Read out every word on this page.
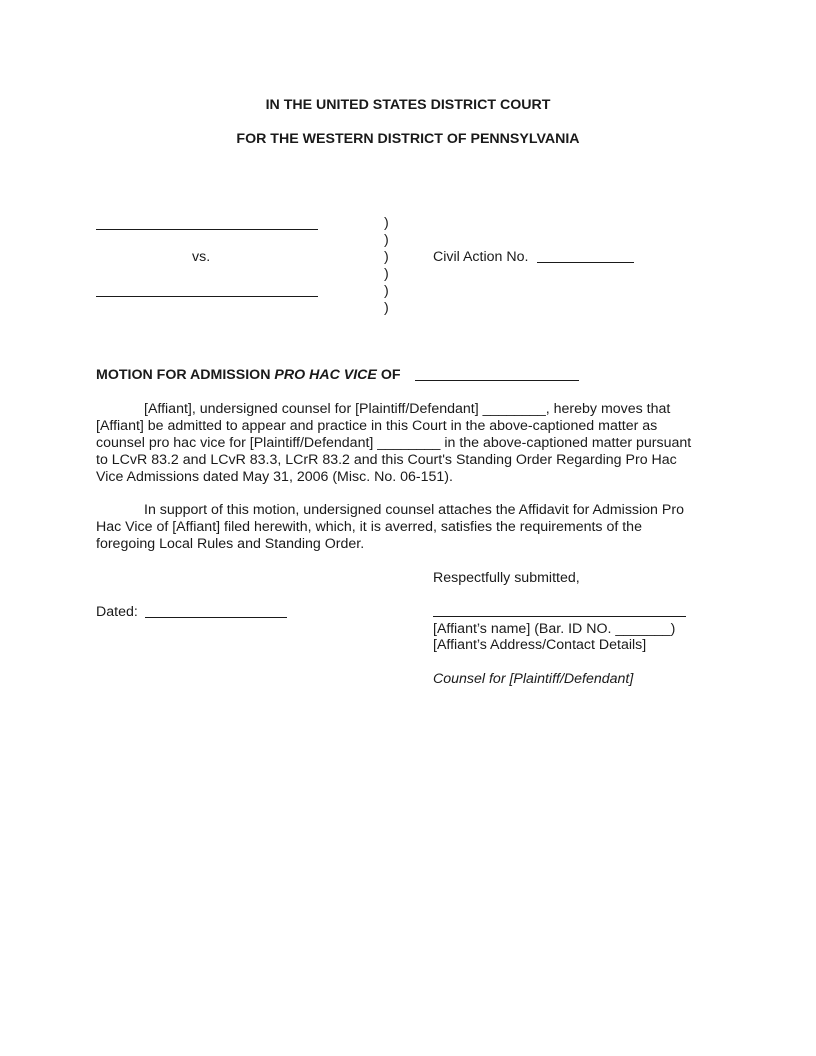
IN THE UNITED STATES DISTRICT COURT
FOR THE WESTERN DISTRICT OF PENNSYLVANIA
vs.
)
)
)
)
)
)
Civil Action No.
MOTION FOR ADMISSION PRO HAC VICE OF
[Affiant], undersigned counsel for [Plaintiff/Defendant] ________, hereby moves that
[Affiant] be admitted to appear and practice in this Court in the above-captioned matter as
counsel pro hac vice for [Plaintiff/Defendant] ________ in the above-captioned matter pursuant
to LCvR 83.2 and LCvR 83.3, LCrR 83.2 and this Court's Standing Order Regarding Pro Hac
Vice Admissions dated May 31, 2006 (Misc. No. 06-151).
In support of this motion, undersigned counsel attaches the Affidavit for Admission Pro
Hac Vice of [Affiant] filed herewith, which, it is averred, satisfies the requirements of the
foregoing Local Rules and Standing Order.
Respectfully submitted,
Dated:
[Affiant’s name] (Bar. ID NO. _______)
[Affiant’s Address/Contact Details]
Counsel for [Plaintiff/Defendant]
